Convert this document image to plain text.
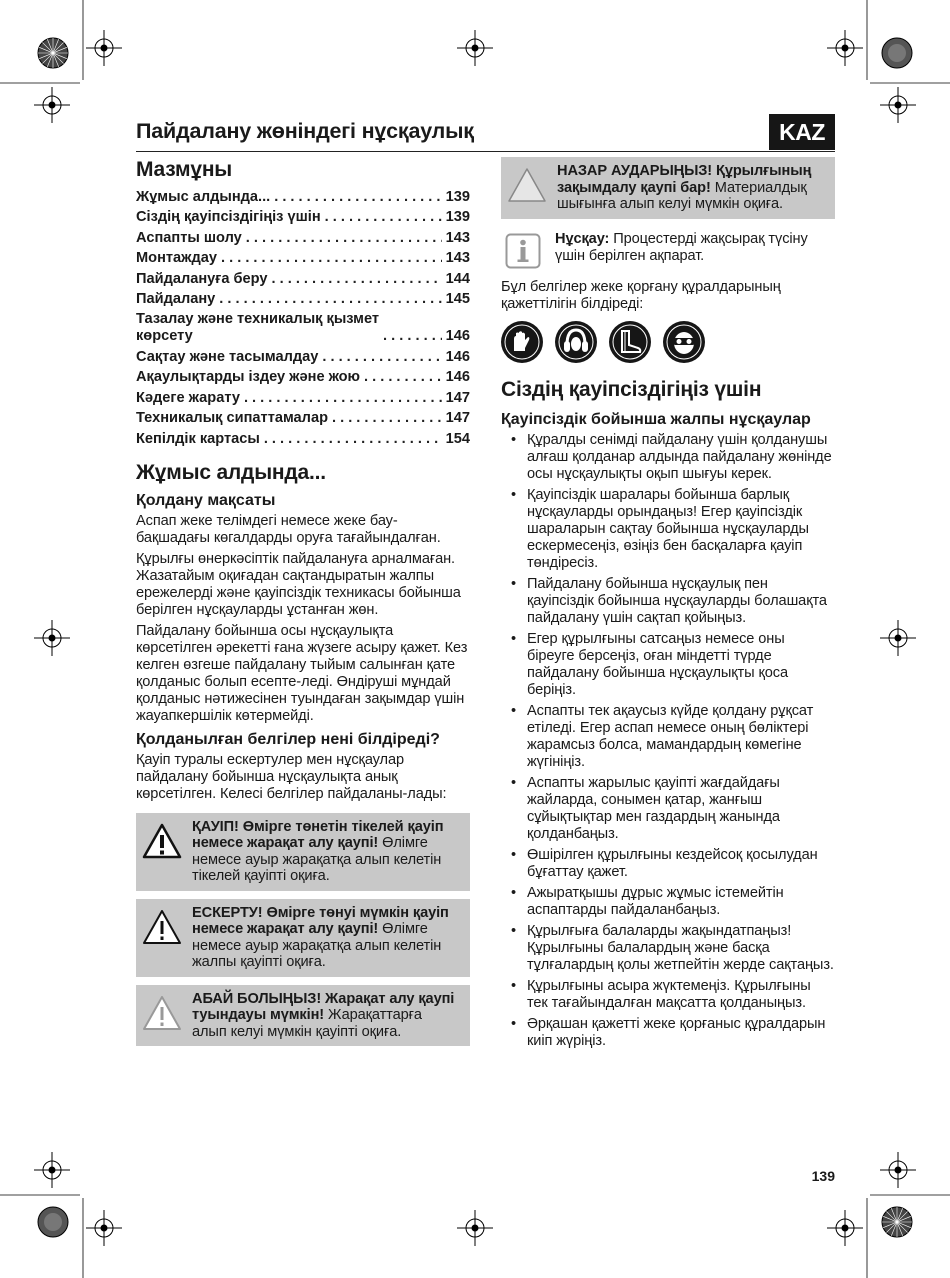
Пайдалану жөніндегі нұсқаулық	KAZ
Мазмұны
Жұмыс алдында... . . .	139
Сіздің қауіпсіздігіңіз үшін . . .	139
Аспапты шолу . . .	143
Монтаждау . . .	143
Пайдалануға беру . . .	144
Пайдалану . . .	145
Тазалау және техникалық қызмет
көрсету . . .	146
Сақтау және тасымалдау . . .	146
Ақаулықтарды іздеу және жою . . .	146
Кәдеге жарату . . .	147
Техникалық сипаттамалар . . .	147
Кепілдік картасы . . .	154
Жұмыс алдында...
Қолдану мақсаты

Аспап жеке телімдегі немесе жеке бау-бақшадағы көгалдарды оруға тағайындалған.

Құрылғы өнеркәсіптік пайдалануға арналмаған. Жазатайым оқиғадан сақтандыратын жалпы ережелерді және қауіпсіздік техникасы бойынша берілген нұсқауларды ұстанған жөн.

Пайдалану бойынша осы нұсқаулықта көрсетілген әрекетті ғана жүзеге асыру қажет. Кез келген өзгеше пайдалану тыйым салынған қате қолданыс болып есепте-леді. Өндіруші мұндай қолданыс нәтижесінен туындаған зақымдар үшін жауапкершілік көтермейді.

Қолданылған белгілер нені білдіреді?

Қауіп туралы ескертулер мен нұсқаулар пайдалану бойынша нұсқаулықта анық көрсетілген. Келесі белгілер пайдаланы-лады:

ҚАУІП! Өмірге төнетін тікелей қауіп немесе жарақат алу қаупі! Өлімге немесе ауыр жарақатқа алып келетін тікелей қауіпті оқиға.
ЕСКЕРТУ! Өмірге төнуі мүмкін қауіп немесе жарақат алу қаупі! Өлімге немесе ауыр жарақатқа алып келетін жалпы қауіпті оқиға.
АБАЙ БОЛЫҢЫЗ! Жарақат алу қаупі туындауы мүмкін! Жарақаттарға алып келуі мүмкін қауіпті оқиға.
НАЗАР АУДАРЫҢЫЗ! Құрылғының зақымдалу қаупі бар! Материалдық шығынға алып келуі мүмкін оқиға.
Нұсқау: Процестерді жақсырақ түсіну үшін берілген ақпарат.

Бұл белгілер жеке қорғану құралдарының қажеттілігін білдіреді:

Сіздің қауіпсіздігіңіз үшін
Қауіпсіздік бойынша жалпы нұсқаулар
• Құралды сенімді пайдалану үшін қолданушы алғаш қолданар алдында пайдалану жөнінде осы нұсқаулықты оқып шығуы керек.
• Қауіпсіздік шаралары бойынша барлық нұсқауларды орындаңыз! Егер қауіпсіздік шараларын сақтау бойынша нұсқауларды ескермесеңіз, өзіңіз бен басқаларға қауіп төндіресіз.
• Пайдалану бойынша нұсқаулық пен қауіпсіздік бойынша нұсқауларды болашақта пайдалану үшін сақтап қойыңыз.
• Егер құрылғыны сатсаңыз немесе оны біреуге берсеңіз, оған міндетті түрде пайдалану бойынша нұсқаулықты қоса беріңіз.
• Аспапты тек ақаусыз күйде қолдану рұқсат етіледі. Егер аспап немесе оның бөліктері жарамсыз болса, мамандардың көмегіне жүгініңіз.
• Аспапты жарылыс қауіпті жағдайдағы жайларда, сонымен қатар, жанғыш сұйықтықтар мен газдардың жанында қолданбаңыз.
• Өшірілген құрылғыны кездейсоқ қосылудан бұғаттау қажет.
• Ажыратқышы дұрыс жұмыс істемейтін аспаптарды пайдаланбаңыз.
• Құрылғыға балаларды жақындатпаңыз! Құрылғыны балалардың және басқа тұлғалардың қолы жетпейтін жерде сақтаңыз.
• Құрылғыны асыра жүктемеңіз. Құрылғыны тек тағайындалған мақсатта қолданыңыз.
• Әрқашан қажетті жеке қорғаныс құралдарын киіп жүріңіз.
139
